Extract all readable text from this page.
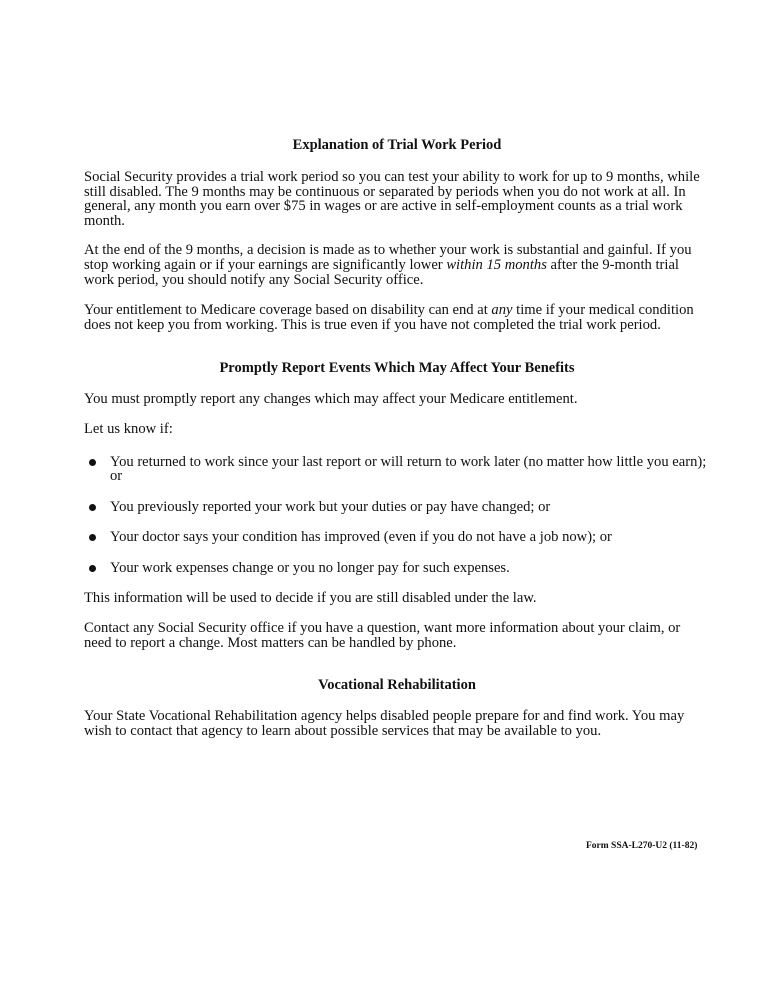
Explanation of Trial Work Period

Social Security provides a trial work period so you can test your ability to work for up to 9 months, while still disabled. The 9 months may be continuous or separated by periods when you do not work at all. In general, any month you earn over $75 in wages or are active in self-employment counts as a trial work month.

At the end of the 9 months, a decision is made as to whether your work is substantial and gainful. If you stop working again or if your earnings are significantly lower within 15 months after the 9-month trial work period, you should notify any Social Security office.

Your entitlement to Medicare coverage based on disability can end at any time if your medical condition does not keep you from working. This is true even if you have not completed the trial work period.

Promptly Report Events Which May Affect Your Benefits

You must promptly report any changes which may affect your Medicare entitlement.

Let us know if:

You returned to work since your last report or will return to work later (no matter how little you earn); or
You previously reported your work but your duties or pay have changed; or
Your doctor says your condition has improved (even if you do not have a job now); or
Your work expenses change or you no longer pay for such expenses.

This information will be used to decide if you are still disabled under the law.

Contact any Social Security office if you have a question, want more information about your claim, or need to report a change. Most matters can be handled by phone.

Vocational Rehabilitation

Your State Vocational Rehabilitation agency helps disabled people prepare for and find work. You may wish to contact that agency to learn about possible services that may be available to you.

Form SSA-L270-U2 (11-82)
